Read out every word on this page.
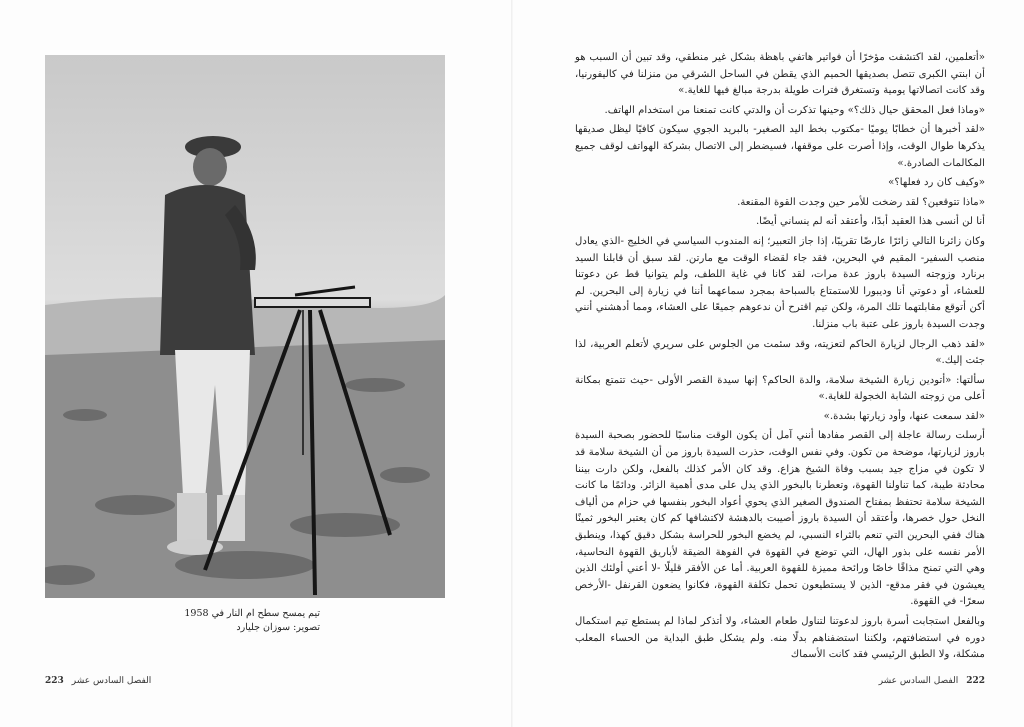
تيم يمسح سطح ام النار في 1958
تصوير: سوزان جليارد
223 الفصل السادس عشر

«أتعلمين، لقد اكتشفت مؤخرًا أن فواتير هاتفي باهظة بشكل غير منطقي، وقد تبين أن السبب هو أن ابنتي الكبرى تتصل بصديقها الحميم الذي يقطن في الساحل الشرقي من منزلنا في كاليفورنيا، وقد كانت اتصالاتها يومية وتستغرق فترات طويلة بدرجة مبالغ فيها للغاية.»

«وماذا فعل المحقق حيال ذلك؟» وحينها تذكرت أن والدتي كانت تمنعنا من استخدام الهاتف.

«لقد أخبرها أن خطابًا يوميًا -مكتوب بخط اليد الصغير- بالبريد الجوي سيكون كافيًا ليظل صديقها يذكرها طوال الوقت، وإذا أصرت على موقفها، فسيضطر إلى الاتصال بشركة الهواتف لوقف جميع المكالمات الصادرة.»

«وكيف كان رد فعلها؟»

«ماذا تتوقعين؟ لقد رضخت للأمر حين وجدت القوة المقنعة.

أنا لن أنسى هذا العقيد أبدًا، وأعتقد أنه لم ينساني أيضًا.

وكان زائرنا التالي زائرًا عارضًا تقريبًا، إذا جاز التعبير؛ إنه المندوب السياسي في الخليج -الذي يعادل منصب السفير- المقيم في البحرين، فقد جاء لقضاء الوقت مع مارتن. لقد سبق أن قابلنا السيد برنارد وزوجته السيدة باروز عدة مرات، لقد كانا في غاية اللطف، ولم يتوانيا قط عن دعوتنا للعشاء، أو دعوتي أنا وديبورا للاستمتاع بالسباحة بمجرد سماعهما أننا في زيارة إلى البحرين. لم أكن أتوقع مقابلتهما تلك المرة، ولكن تيم اقترح أن ندعوهم جميعًا على العشاء، ومما أدهشني أنني وجدت السيدة باروز على عتبة باب منزلنا.

«لقد ذهب الرجال لزيارة الحاكم لتعزيته، وقد سئمت من الجلوس على سريري لأتعلم العربية، لذا جئت إليك.»

سألتها: «أتودين زيارة الشيخة سلامة، والدة الحاكم؟ إنها سيدة القصر الأولى -حيث تتمتع بمكانة أعلى من زوجته الشابة الخجولة للغاية.»

«لقد سمعت عنها، وأود زيارتها بشدة.»

أرسلت رسالة عاجلة إلى القصر مفادها أنني آمل أن يكون الوقت مناسبًا للحضور بصحبة السيدة باروز لزيارتها، موضحة من تكون. وفي نفس الوقت، حذرت السيدة باروز من أن الشيخة سلامة قد لا تكون في مزاج جيد بسبب وفاة الشيخ هزاع. وقد كان الأمر كذلك بالفعل، ولكن دارت بيننا محادثة طيبة، كما تناولنا القهوة، وتعطرنا بالبخور الذي يدل على مدى أهمية الزائر. ودائمًا ما كانت الشيخة سلامة تحتفظ بمفتاح الصندوق الصغير الذي يحوي أعواد البخور بنفسها في حزام من ألياف النخل حول خصرها، وأعتقد أن السيدة باروز أصيبت بالدهشة لاكتشافها كم كان يعتبر البخور ثمينًا هناك ففي البحرين التي تنعم بالثراء النسبي، لم يخضع البخور للحراسة بشكل دقيق كهذا، وينطبق الأمر نفسه على بذور الهال، التي توضع في القهوة في الفوهة الضيقة لأباريق القهوة النحاسية، وهي التي تمنح مذاقًا خاصًا ورائحة مميزة للقهوة العربية. أما عن الأفقر قليلًا -لا أعني أولئك الذين يعيشون في فقر مدقع- الذين لا يستطيعون تحمل تكلفة القهوة، فكانوا يضعون القرنفل -الأرخص سعرًا- في القهوة.

وبالفعل استجابت أسرة باروز لدعوتنا لتناول طعام العشاء، ولا أتذكر لماذا لم يستطع تيم استكمال دوره في استضافتهم، ولكننا استضفناهم بدلًا منه. ولم يشكل طبق البداية من الحساء المعلب مشكلة، ولا الطبق الرئيسي فقد كانت الأسماك

الفصل السادس عشر 222
